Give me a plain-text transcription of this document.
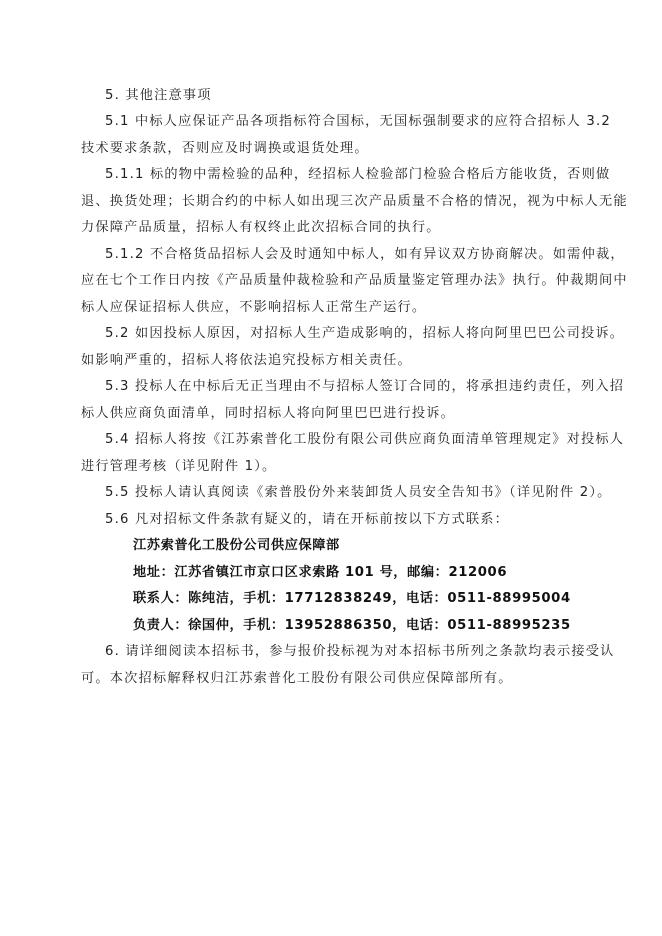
5. 其他注意事项
5.1 中标人应保证产品各项指标符合国标，无国标强制要求的应符合招标人 3.2
技术要求条款，否则应及时调换或退货处理。
5.1.1 标的物中需检验的品种，经招标人检验部门检验合格后方能收货，否则做
退、换货处理；长期合约的中标人如出现三次产品质量不合格的情况，视为中标人无能
力保障产品质量，招标人有权终止此次招标合同的执行。
5.1.2 不合格货品招标人会及时通知中标人，如有异议双方协商解决。如需仲裁，
应在七个工作日内按《产品质量仲裁检验和产品质量鉴定管理办法》执行。仲裁期间中
标人应保证招标人供应，不影响招标人正常生产运行。
5.2 如因投标人原因，对招标人生产造成影响的，招标人将向阿里巴巴公司投诉。
如影响严重的，招标人将依法追究投标方相关责任。
5.3 投标人在中标后无正当理由不与招标人签订合同的，将承担违约责任，列入招
标人供应商负面清单，同时招标人将向阿里巴巴进行投诉。
5.4 招标人将按《江苏索普化工股份有限公司供应商负面清单管理规定》对投标人
进行管理考核（详见附件 1）。
5.5 投标人请认真阅读《索普股份外来装卸货人员安全告知书》（详见附件 2）。
5.6 凡对招标文件条款有疑义的，请在开标前按以下方式联系：
江苏索普化工股份公司供应保障部
地址：江苏省镇江市京口区求索路 101 号，邮编：212006
联系人：陈纯洁，手机：17712838249，电话：0511-88995004
负责人：徐国仲，手机：13952886350，电话：0511-88995235
6. 请详细阅读本招标书，参与报价投标视为对本招标书所列之条款均表示接受认
可。本次招标解释权归江苏索普化工股份有限公司供应保障部所有。
